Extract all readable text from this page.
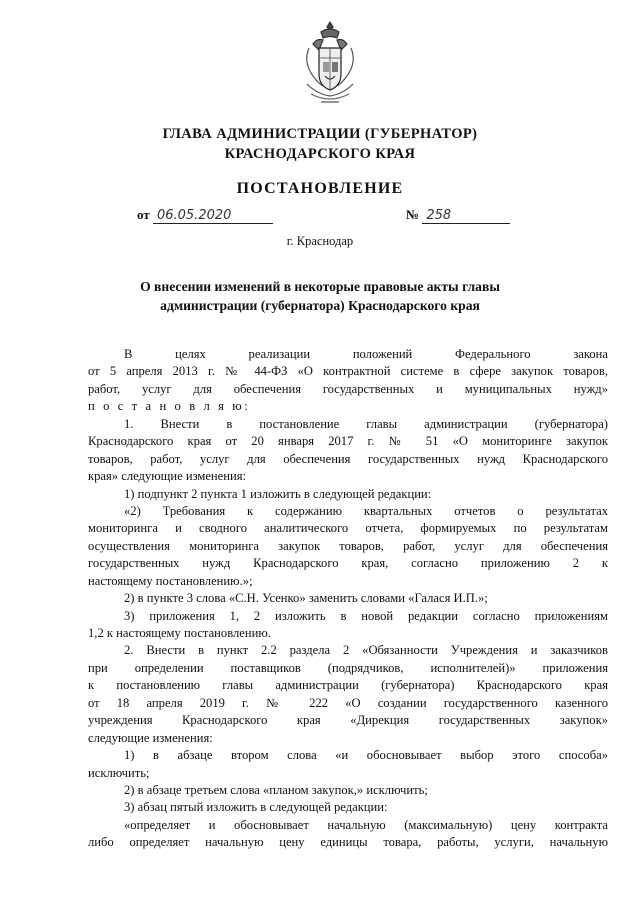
ГЛАВА АДМИНИСТРАЦИИ (ГУБЕРНАТОР)
КРАСНОДАРСКОГО КРАЯ
ПОСТАНОВЛЕНИЕ
от 06.05.2020	№ 258
г. Краснодар
О внесении изменений в некоторые правовые акты главы
администрации (губернатора) Краснодарского края
В целях реализации положений Федерального закона
от 5 апреля 2013 г. № 44-ФЗ «О контрактной системе в сфере закупок товаров,
работ, услуг для обеспечения государственных и муниципальных нужд»
п о с т а н о в л я ю:
1. Внести в постановление главы администрации (губернатора)
Краснодарского края от 20 января 2017 г. № 51 «О мониторинге закупок
товаров, работ, услуг для обеспечения государственных нужд Краснодарского
края» следующие изменения:
1) подпункт 2 пункта 1 изложить в следующей редакции:
«2) Требования к содержанию квартальных отчетов о результатах
мониторинга и сводного аналитического отчета, формируемых по результатам
осуществления мониторинга закупок товаров, работ, услуг для обеспечения
государственных нужд Краснодарского края, согласно приложению 2 к
настоящему постановлению.»;
2) в пункте 3 слова «С.Н. Усенко» заменить словами «Галася И.П.»;
3) приложения 1, 2 изложить в новой редакции согласно приложениям
1,2 к настоящему постановлению.
2. Внести в пункт 2.2 раздела 2 «Обязанности Учреждения и заказчиков
при определении поставщиков (подрядчиков, исполнителей)» приложения
к постановлению главы администрации (губернатора) Краснодарского края
от 18 апреля 2019 г. № 222 «О создании государственного казенного
учреждения Краснодарского края «Дирекция государственных закупок»
следующие изменения:
1) в абзаце втором слова «и обосновывает выбор этого способа»
исключить;
2) в абзаце третьем слова «планом закупок,» исключить;
3) абзац пятый изложить в следующей редакции:
«определяет и обосновывает начальную (максимальную) цену контракта
либо определяет начальную цену единицы товара, работы, услуги, начальную
